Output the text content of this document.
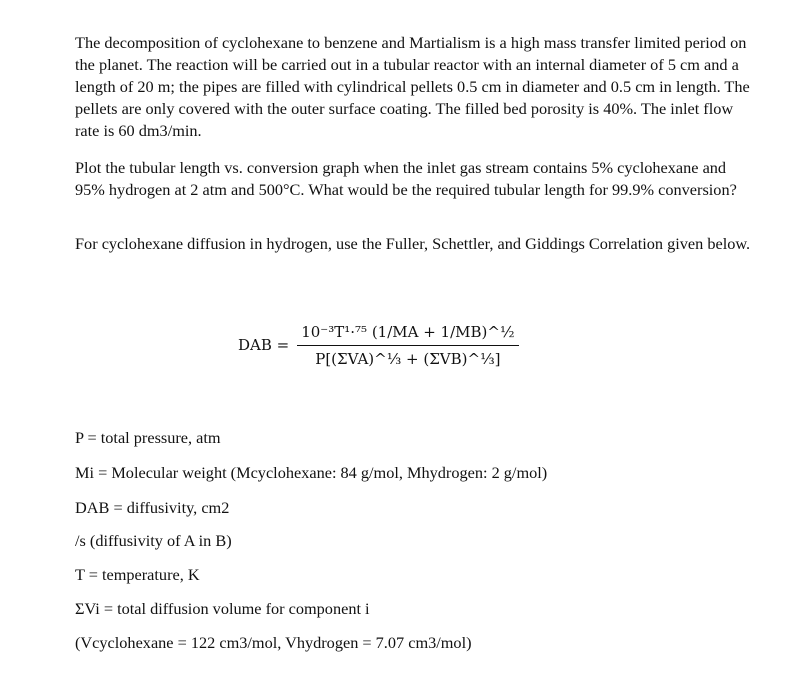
The decomposition of cyclohexane to benzene and Martialism is a high mass transfer limited period on the planet. The reaction will be carried out in a tubular reactor with an internal diameter of 5 cm and a length of 20 m; the pipes are filled with cylindrical pellets 0.5 cm in diameter and 0.5 cm in length. The pellets are only covered with the outer surface coating. The filled bed porosity is 40%. The inlet flow rate is 60 dm3/min.

Plot the tubular length vs. conversion graph when the inlet gas stream contains 5% cyclohexane and 95% hydrogen at 2 atm and 500°C. What would be the required tubular length for 99.9% conversion?

For cyclohexane diffusion in hydrogen, use the Fuller, Schettler, and Giddings Correlation given below.

DAB = $\frac{\text{10⁻³T¹·⁷⁵ (1/MA + 1/MB)\textasciicircum{}½}}{\text{P[(ΣVA)\textasciicircum{}⅓ + (ΣVB)\textasciicircum{}⅓]}}$
P = total pressure, atm
Mi = Molecular weight (Mcyclohexane: 84 g/mol, Mhydrogen: 2 g/mol)
DAB = diffusivity, cm2
/s (diffusivity of A in B)
T = temperature, K
ΣVi = total diffusion volume for component i
(Vcyclohexane = 122 cm3/mol, Vhydrogen = 7.07 cm3/mol)
